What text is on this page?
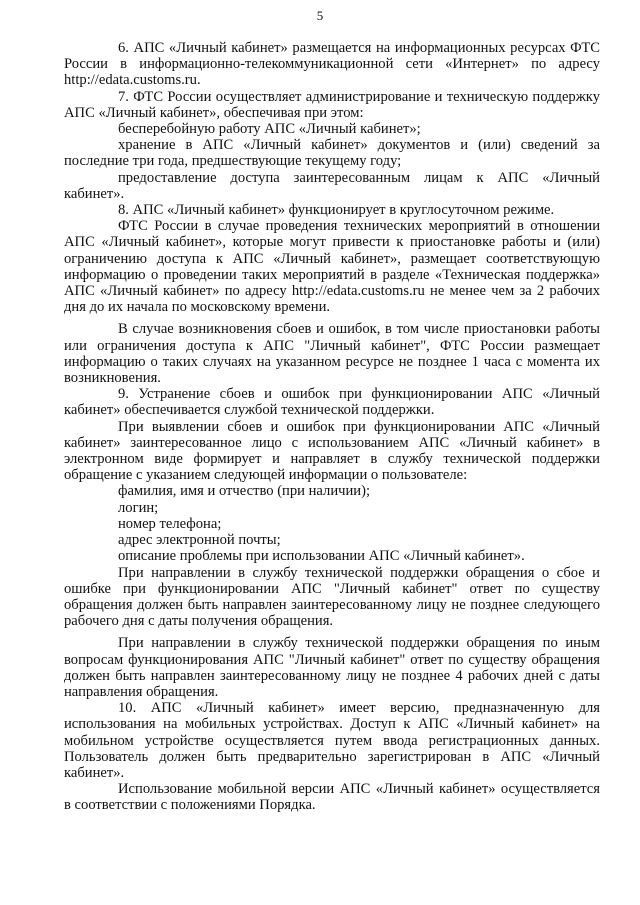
5

6. АПС «Личный кабинет» размещается на информационных ресурсах ФТС России в информационно-телекоммуникационной сети «Интернет» по адресу http://edata.customs.ru.

7. ФТС России осуществляет администрирование и техническую поддержку АПС «Личный кабинет», обеспечивая при этом:

бесперебойную работу АПС «Личный кабинет»;

хранение в АПС «Личный кабинет» документов и (или) сведений за последние три года, предшествующие текущему году;

предоставление доступа заинтересованным лицам к АПС «Личный кабинет».

8. АПС «Личный кабинет» функционирует в круглосуточном режиме.

ФТС России в случае проведения технических мероприятий в отношении АПС «Личный кабинет», которые могут привести к приостановке работы и (или) ограничению доступа к АПС «Личный кабинет», размещает соответствующую информацию о проведении таких мероприятий в разделе «Техническая поддержка» АПС «Личный кабинет» по адресу http://edata.customs.ru не менее чем за 2 рабочих дня до их начала по московскому времени.

В случае возникновения сбоев и ошибок, в том числе приостановки работы или ограничения доступа к АПС "Личный кабинет", ФТС России размещает информацию о таких случаях на указанном ресурсе не позднее 1 часа с момента их возникновения.

9. Устранение сбоев и ошибок при функционировании АПС «Личный кабинет» обеспечивается службой технической поддержки.

При выявлении сбоев и ошибок при функционировании АПС «Личный кабинет» заинтересованное лицо с использованием АПС «Личный кабинет» в электронном виде формирует и направляет в службу технической поддержки обращение с указанием следующей информации о пользователе:

фамилия, имя и отчество (при наличии);

логин;

номер телефона;

адрес электронной почты;

описание проблемы при использовании АПС «Личный кабинет».

При направлении в службу технической поддержки обращения о сбое и ошибке при функционировании АПС "Личный кабинет" ответ по существу обращения должен быть направлен заинтересованному лицу не позднее следующего рабочего дня с даты получения обращения.

При направлении в службу технической поддержки обращения по иным вопросам функционирования АПС "Личный кабинет" ответ по существу обращения должен быть направлен заинтересованному лицу не позднее 4 рабочих дней с даты направления обращения.

10. АПС «Личный кабинет» имеет версию, предназначенную для использования на мобильных устройствах. Доступ к АПС «Личный кабинет» на мобильном устройстве осуществляется путем ввода регистрационных данных. Пользователь должен быть предварительно зарегистрирован в АПС «Личный кабинет».

Использование мобильной версии АПС «Личный кабинет» осуществляется в соответствии с положениями Порядка.
